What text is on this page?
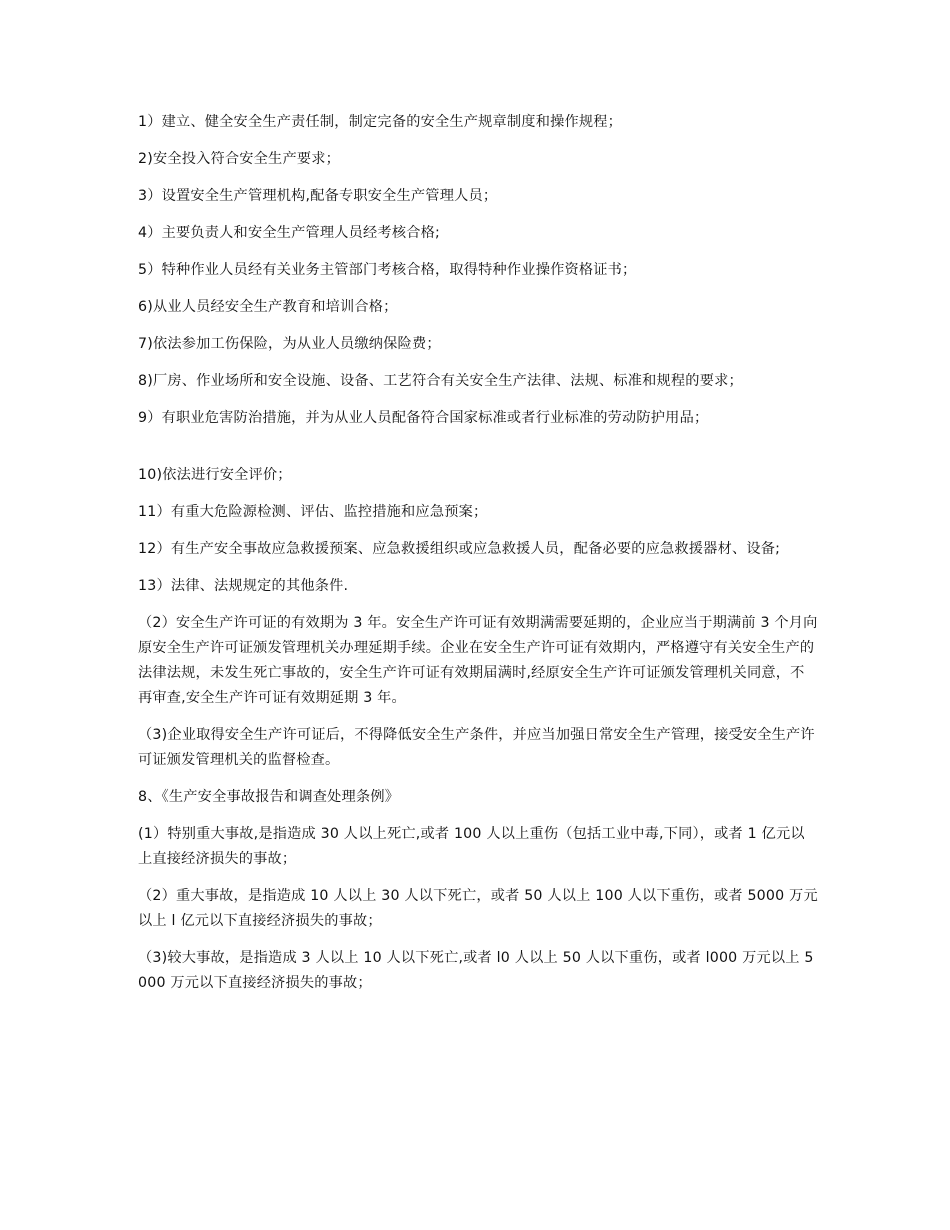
1）建立、健全安全生产责任制，制定完备的安全生产规章制度和操作规程；

2)安全投入符合安全生产要求；

3）设置安全生产管理机构,配备专职安全生产管理人员；

4）主要负责人和安全生产管理人员经考核合格;

5）特种作业人员经有关业务主管部门考核合格，取得特种作业操作资格证书；

6)从业人员经安全生产教育和培训合格；

7)依法参加工伤保险，为从业人员缴纳保险费；

8)厂房、作业场所和安全设施、设备、工艺符合有关安全生产法律、法规、标准和规程的要求；

9）有职业危害防治措施，并为从业人员配备符合国家标准或者行业标准的劳动防护用品；

10)依法进行安全评价；

11）有重大危险源检测、评估、监控措施和应急预案；

12）有生产安全事故应急救援预案、应急救援组织或应急救援人员，配备必要的应急救援器材、设备;

13）法律、法规规定的其他条件.

（2）安全生产许可证的有效期为 3 年。安全生产许可证有效期满需要延期的，企业应当于期满前 3 个月向原安全生产许可证颁发管理机关办理延期手续。企业在安全生产许可证有效期内，严格遵守有关安全生产的法律法规，未发生死亡事故的，安全生产许可证有效期届满时,经原安全生产许可证颁发管理机关同意，不再审查,安全生产许可证有效期延期 3 年。

（3)企业取得安全生产许可证后，不得降低安全生产条件，并应当加强日常安全生产管理，接受安全生产许可证颁发管理机关的监督检查。

8、《生产安全事故报告和调查处理条例》

(1）特别重大事故,是指造成 30 人以上死亡,或者 100 人以上重伤（包括工业中毒,下同），或者 1 亿元以上直接经济损失的事故；

（2）重大事故，是指造成 10 人以上 30 人以下死亡，或者 50 人以上 100 人以下重伤，或者 5000 万元以上 l 亿元以下直接经济损失的事故；

（3)较大事故，是指造成 3 人以上 10 人以下死亡,或者 l0 人以上 50 人以下重伤，或者 l000 万元以上 5000 万元以下直接经济损失的事故；
